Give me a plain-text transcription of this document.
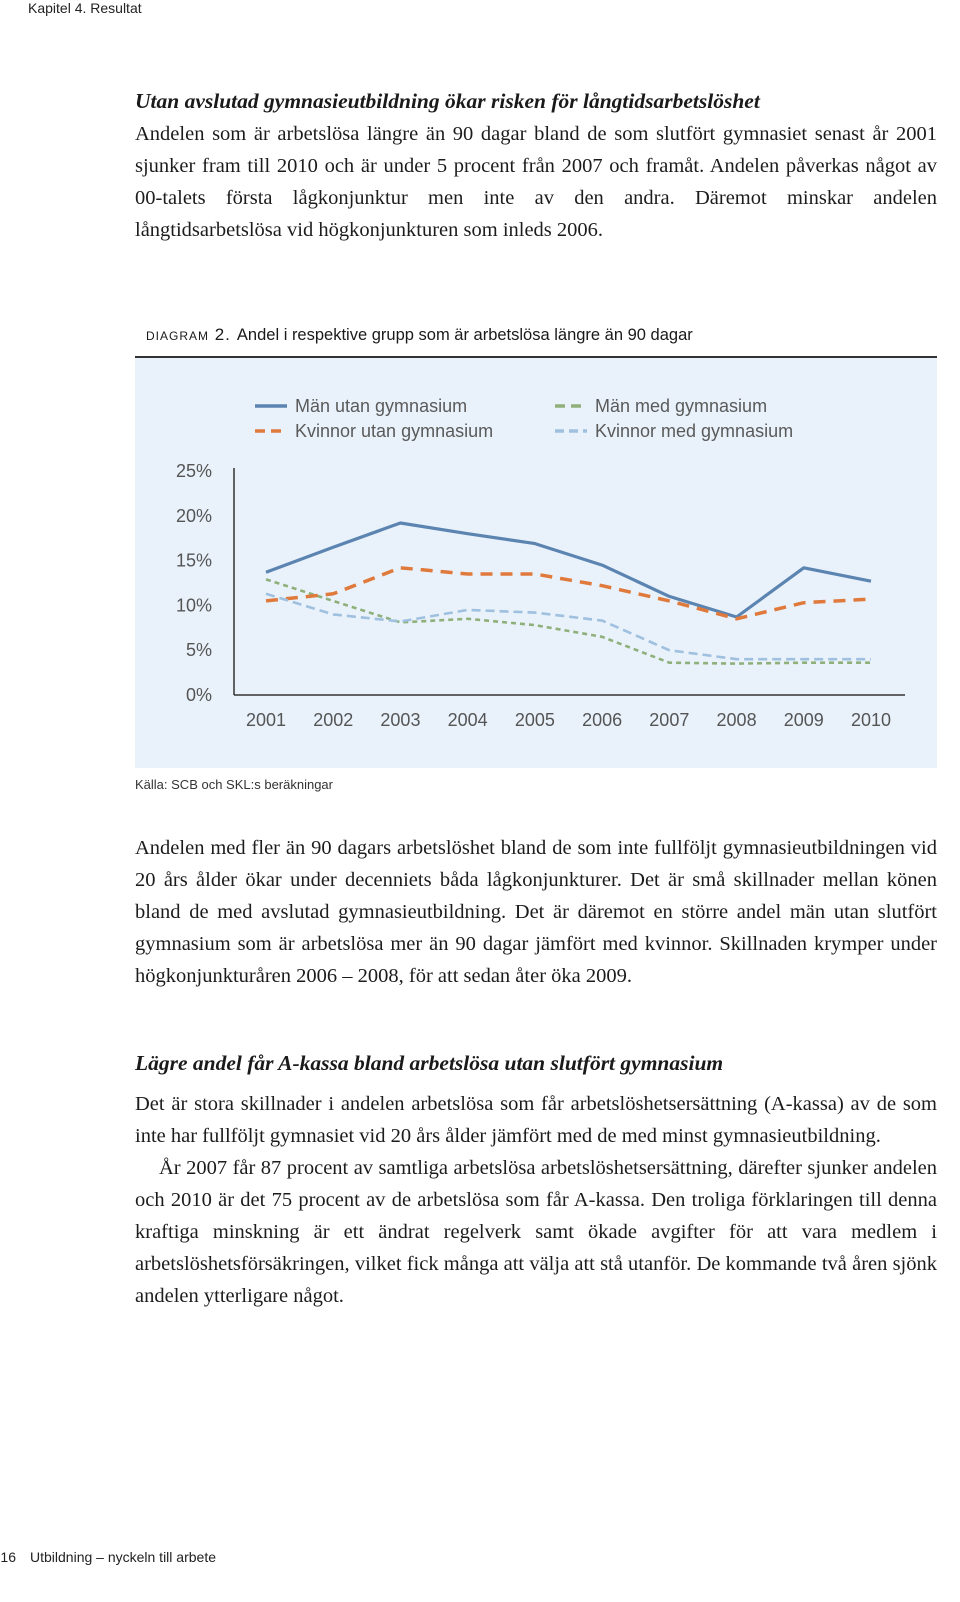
Kapitel 4. Resultat
Utan avslutad gymnasieutbildning ökar risken för långtidsarbetslöshet

Andelen som är arbetslösa längre än 90 dagar bland de som slutfört gymnasiet senast år 2001 sjunker fram till 2010 och är under 5 procent från 2007 och framåt. Andelen påverkas något av 00-talets första lågkonjunktur men inte av den andra. Däremot minskar andelen långtidsarbetslösa vid högkonjunkturen som inleds 2006.

diagram 2. Andel i respektive grupp som är arbetslösa längre än 90 dagar
0%
5%
10%
15%
20%
25%
2001 2002 2003 2004 2005 2006 2007 2008 2009 2010
Män utan gymnasium
Kvinnor utan gymnasium
Män med gymnasium
Kvinnor med gymnasium
Källa: SCB och SKL:s beräkningar

Andelen med fler än 90 dagars arbetslöshet bland de som inte fullföljt gymnasieutbildningen vid 20 års ålder ökar under decenniets båda lågkonjunkturer. Det är små skillnader mellan könen bland de med avslutad gymnasieutbildning. Det är däremot en större andel män utan slutfört gymnasium som är arbetslösa mer än 90 dagar jämfört med kvinnor. Skillnaden krymper under högkonjunkturåren 2006 – 2008, för att sedan åter öka 2009.

Lägre andel får A-kassa bland arbetslösa utan slutfört gymnasium

Det är stora skillnader i andelen arbetslösa som får arbetslöshetsersättning (A-kassa) av de som inte har fullföljt gymnasiet vid 20 års ålder jämfört med de med minst gymnasieutbildning.

År 2007 får 87 procent av samtliga arbetslösa arbetslöshetsersättning, därefter sjunker andelen och 2010 är det 75 procent av de arbetslösa som får A-kassa. Den troliga förklaringen till denna kraftiga minskning är ett ändrat regelverk samt ökade avgifter för att vara medlem i arbetslöshetsförsäkringen, vilket fick många att välja att stå utanför. De kommande två åren sjönk andelen ytterligare något.

16 Utbildning – nyckeln till arbete
